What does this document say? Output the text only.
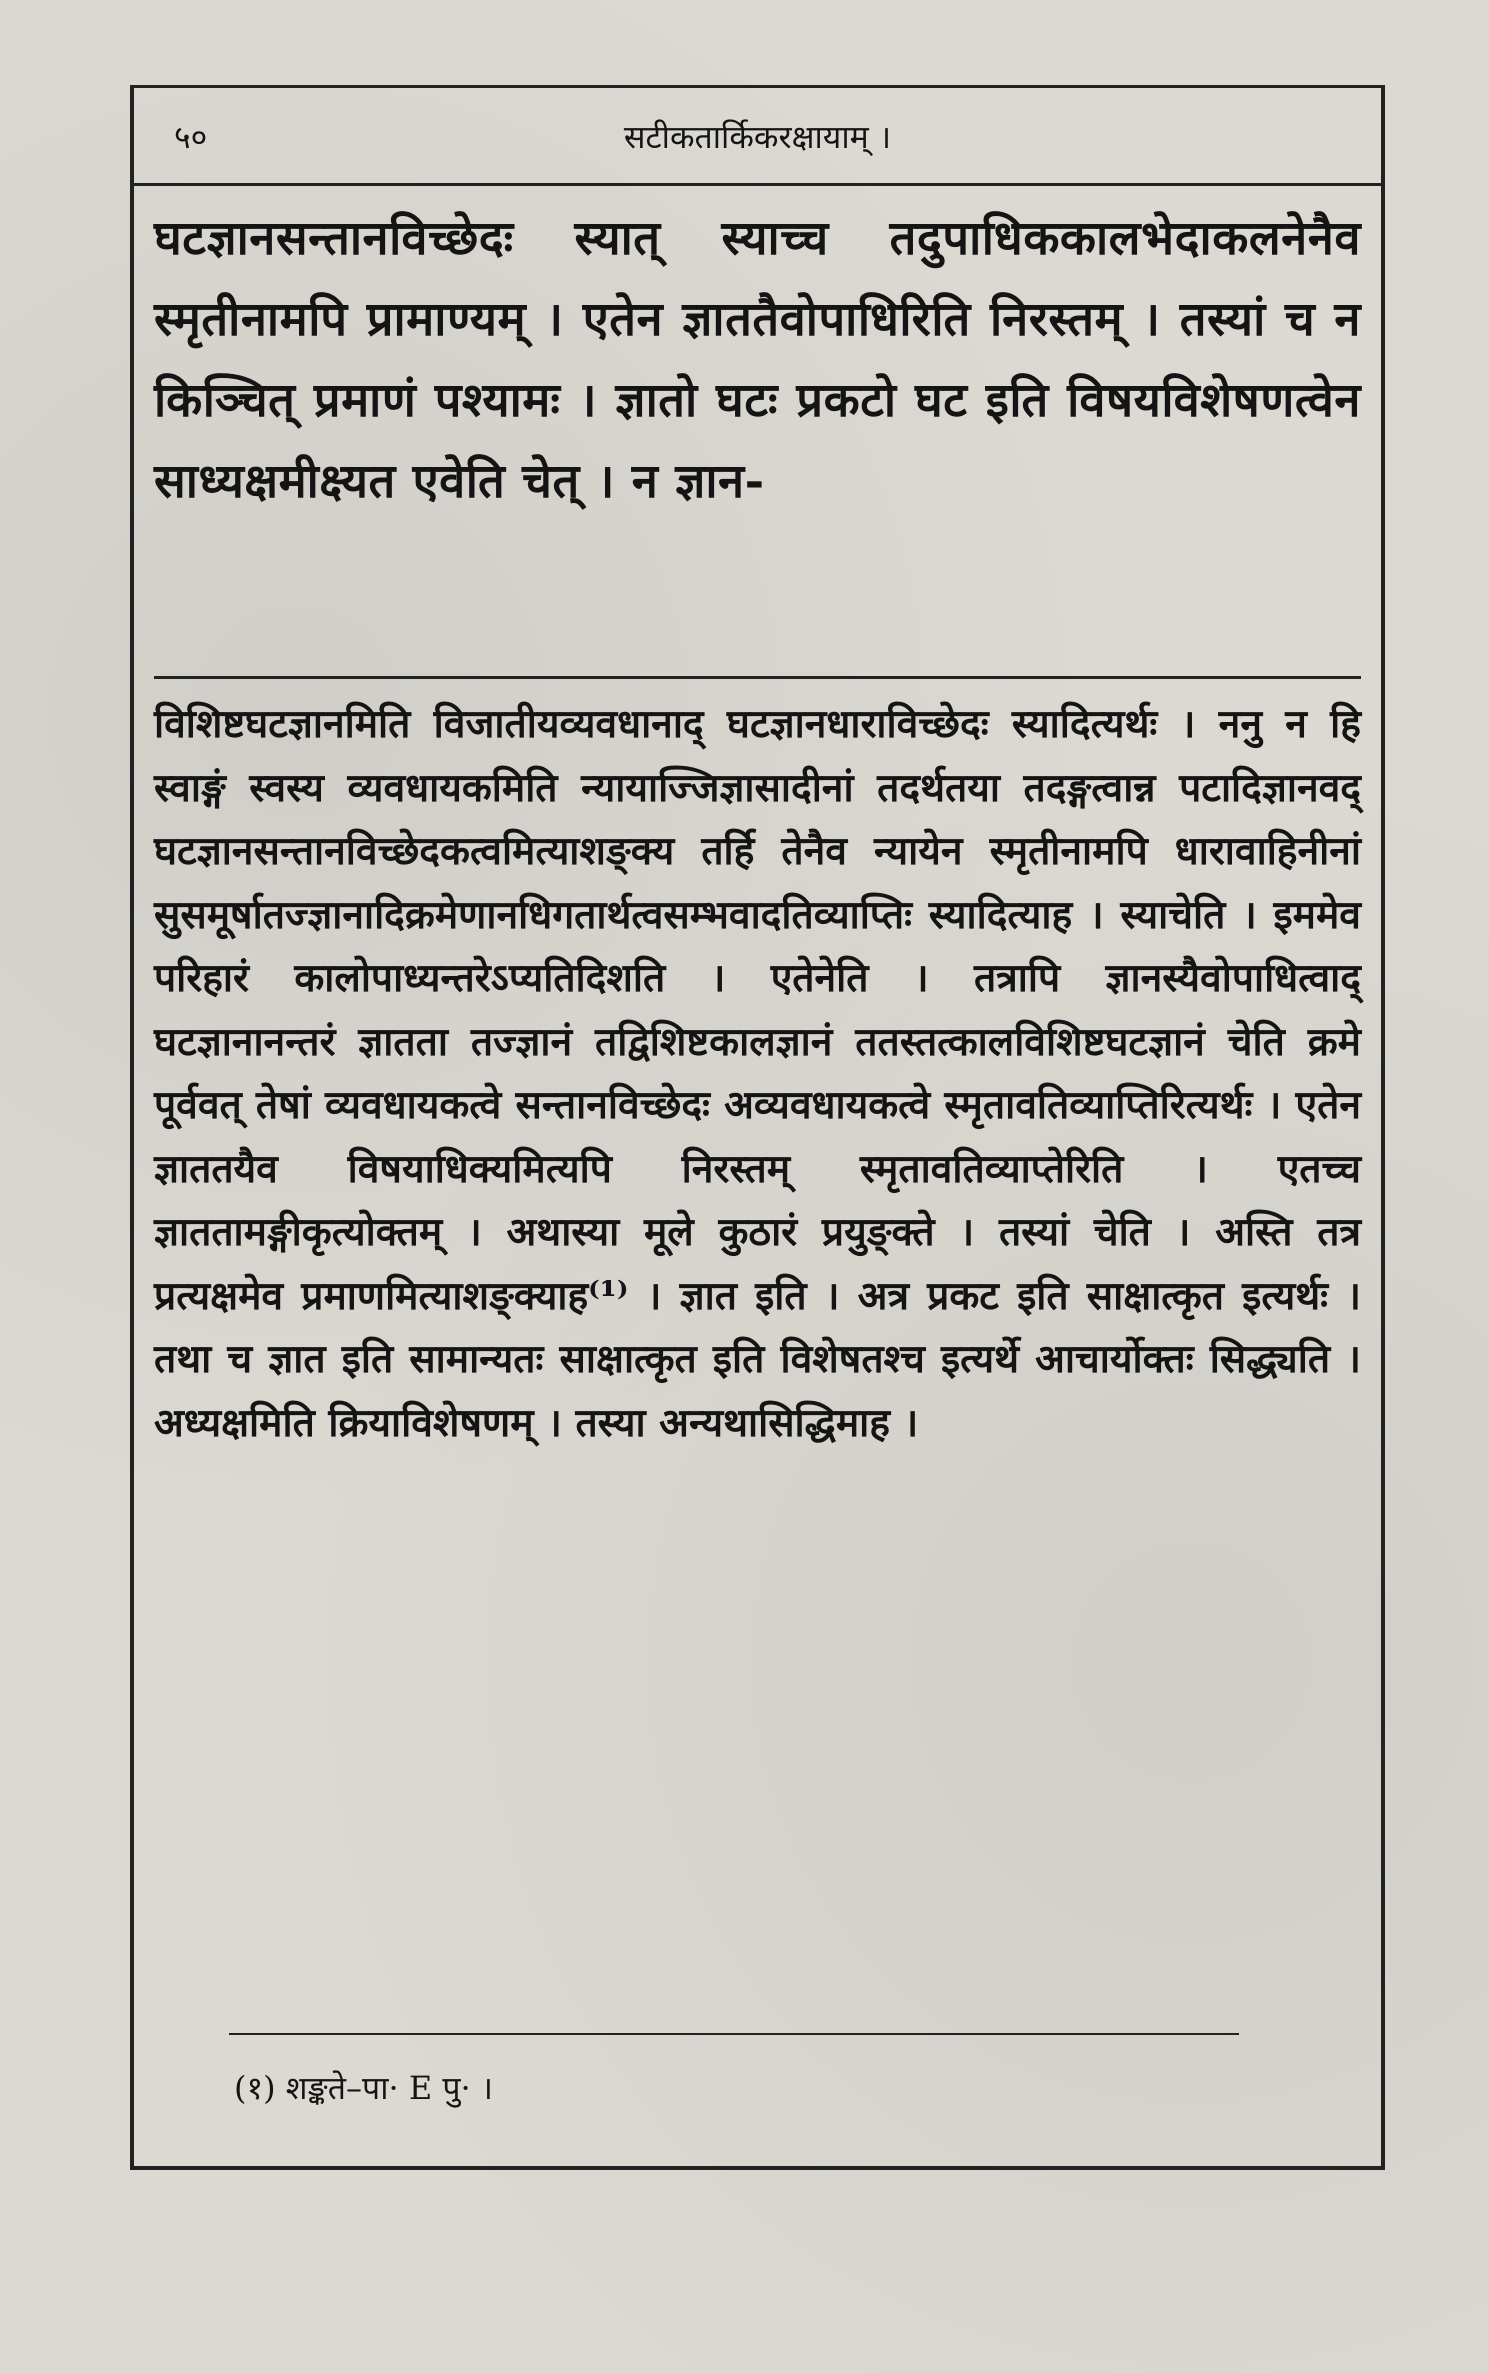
५०	सटीकतार्किकरक्षायाम् ।
घटज्ञानसन्तानविच्छेदः स्यात् स्याच्च तदुपाधिककालभेदाकलनेनैव स्मृतीनामपि प्रामाण्यम् । एतेन ज्ञाततैवोपाधिरिति निरस्तम् । तस्यां च न किञ्चित् प्रमाणं पश्यामः । ज्ञातो घटः प्रकटो घट इति विषयविशेषणत्वेन साध्यक्षमीक्ष्यत एवेति चेत् । न ज्ञान-
विशिष्टघटज्ञानमिति विजातीयव्यवधानाद् घटज्ञानधाराविच्छेदः स्यादित्यर्थः । ननु न हि स्वाङ्गं स्वस्य व्यवधायकमिति न्यायाज्जिज्ञासादीनां तदर्थतया तदङ्गत्वान्न पटादिज्ञानवद् घटज्ञानसन्तानविच्छेदकत्वमित्याशङ्क्य तर्हि तेनैव न्यायेन स्मृतीनामपि धारावाहिनीनां सुसमूर्षातज्ज्ञानादिक्रमेणानधिगतार्थत्वसम्भवादतिव्याप्तिः स्यादित्याह । स्याचेति । इममेव परिहारं कालोपाध्यन्तरेऽप्यतिदिशति । एतेनेति । तत्रापि ज्ञानस्यैवोपाधित्वाद् घटज्ञानानन्तरं ज्ञातता तज्ज्ञानं तद्विशिष्टकालज्ञानं ततस्तत्कालविशिष्टघटज्ञानं चेति क्रमे पूर्ववत् तेषां व्यवधायकत्वे सन्तानविच्छेदः अव्यवधायकत्वे स्मृतावतिव्याप्तिरित्यर्थः । एतेन ज्ञाततयैव विषयाधिक्यमित्यपि निरस्तम् स्मृतावतिव्याप्तेरिति । एतच्च ज्ञाततामङ्गीकृत्योक्तम् । अथास्या मूले कुठारं प्रयुङ्क्ते । तस्यां चेति । अस्ति तत्र प्रत्यक्षमेव प्रमाणमित्याशङ्क्याह⁽¹⁾ । ज्ञात इति । अत्र प्रकट इति साक्षात्कृत इत्यर्थः । तथा च ज्ञात इति सामान्यतः साक्षात्कृत इति विशेषतश्च इत्यर्थे आचार्योक्तः सिद्ध्यति । अध्यक्षमिति क्रियाविशेषणम् । तस्या अन्यथासिद्धिमाह ।
(१) शङ्कते–पा· E पु· ।
